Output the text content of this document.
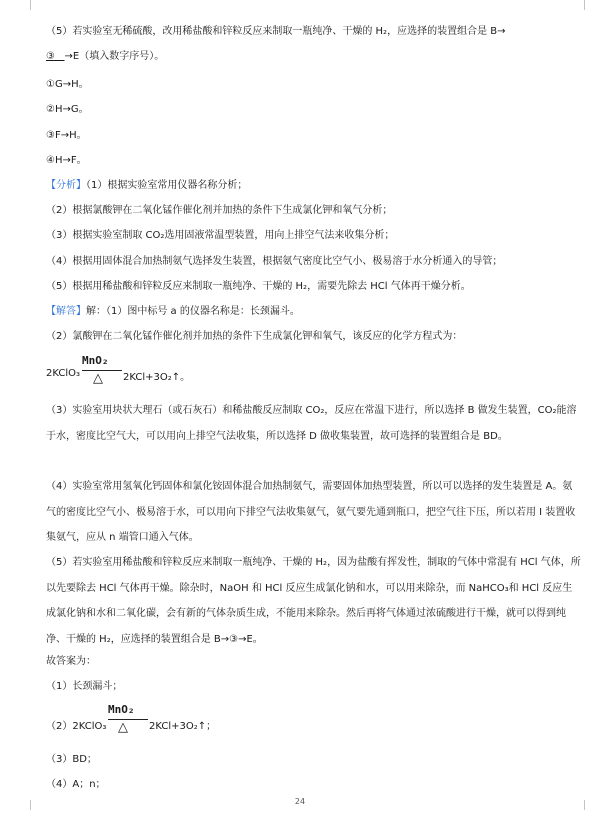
（5）若实验室无稀硫酸，改用稀盐酸和锌粒反应来制取一瓶纯净、干燥的 H₂，应选择的装置组合是 B→
③ →E（填入数字序号）。
①G→H。
②H→G。
③F→H。
④H→F。
【分析】（1）根据实验室常用仪器名称分析；
（2）根据氯酸钾在二氧化锰作催化剂并加热的条件下生成氯化钾和氧气分析；
（3）根据实验室制取 CO₂选用固液常温型装置，用向上排空气法来收集分析；
（4）根据用固体混合加热制氨气选择发生装置，根据氨气密度比空气小、极易溶于水分析通入的导管；
（5）根据用稀盐酸和锌粒反应来制取一瓶纯净、干燥的 H₂，需要先除去 HCl 气体再干燥分析。
【解答】解：（1）图中标号 a 的仪器名称是：长颈漏斗。
（2）氯酸钾在二氧化锰作催化剂并加热的条件下生成氯化钾和氧气，该反应的化学方程式为：
2KClO₃
MnO₂
△ 2KCl+3O₂↑。
（3）实验室用块状大理石（或石灰石）和稀盐酸反应制取 CO₂，反应在常温下进行，所以选择 B 做发生装置，CO₂能溶于水，密度比空气大，可以用向上排空气法收集，所以选择 D 做收集装置，故可选择的装置组合是 BD。
（4）实验室常用氢氧化钙固体和氯化铵固体混合加热制氨气，需要固体加热型装置，所以可以选择的发生装置是 A。氨气的密度比空气小、极易溶于水，可以用向下排空气法收集氨气，氨气要先通到瓶口，把空气往下压，所以若用 I 装置收集氨气，应从 n 端管口通入气体。
（5）若实验室用稀盐酸和锌粒反应来制取一瓶纯净、干燥的 H₂，因为盐酸有挥发性，制取的气体中常混有 HCl 气体，所以先要除去 HCl 气体再干燥。除杂时，NaOH 和 HCl 反应生成氯化钠和水，可以用来除杂，而 NaHCO₃和 HCl 反应生成氯化钠和水和二氧化碳，会有新的气体杂质生成，不能用来除杂。然后再将气体通过浓硫酸进行干燥，就可以得到纯净、干燥的 H₂，应选择的装置组合是 B→③→E。
故答案为：
（1）长颈漏斗；
（2）2KClO₃
MnO₂
△ 2KCl+3O₂↑；
（3）BD；
（4）A；n；
24
